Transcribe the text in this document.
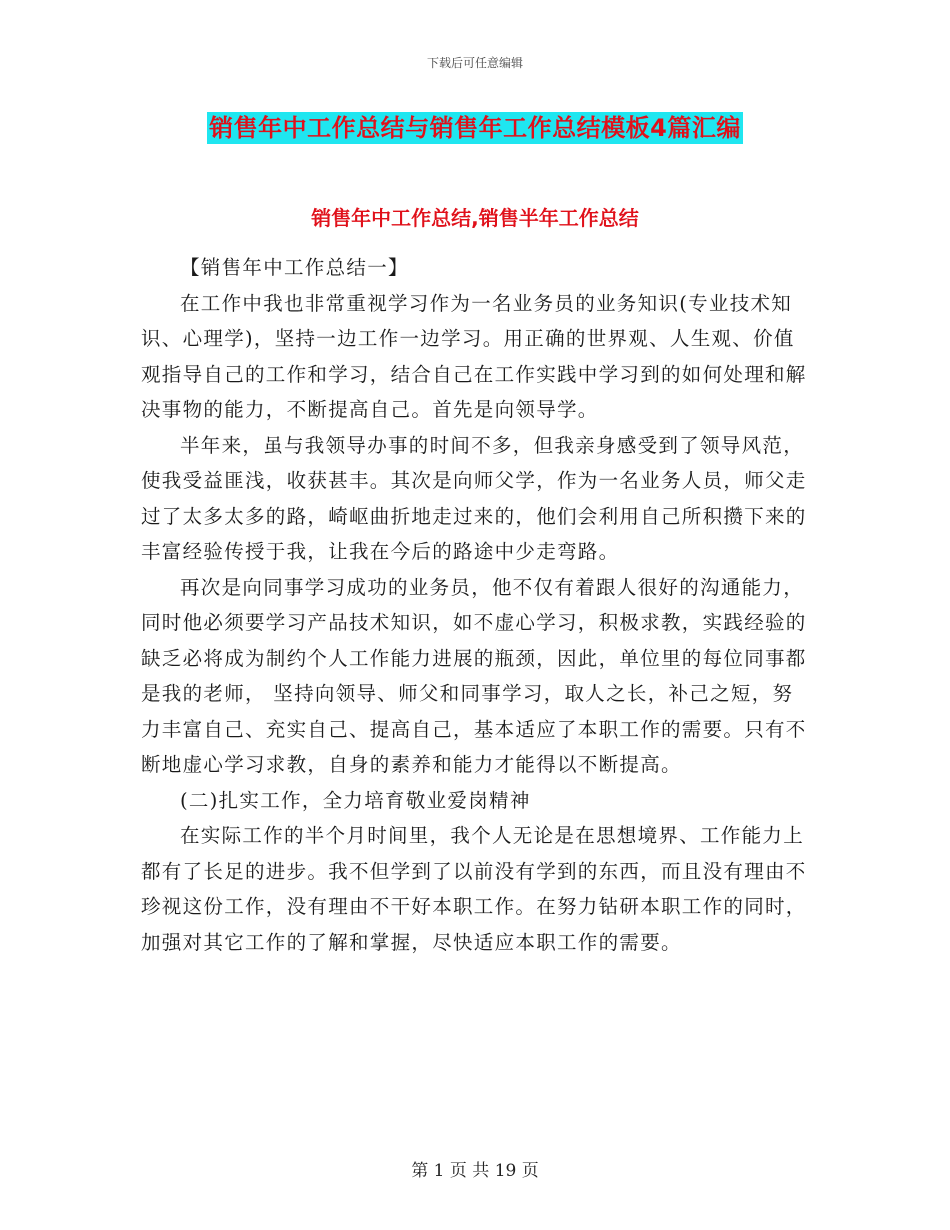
下载后可任意编辑
销售年中工作总结与销售年工作总结模板4篇汇编
销售年中工作总结,销售半年工作总结

【销售年中工作总结一】

在工作中我也非常重视学习作为一名业务员的业务知识(专业技术知识、心理学)，坚持一边工作一边学习。用正确的世界观、人生观、价值观指导自己的工作和学习，结合自己在工作实践中学习到的如何处理和解决事物的能力，不断提高自己。首先是向领导学。

半年来，虽与我领导办事的时间不多，但我亲身感受到了领导风范，使我受益匪浅，收获甚丰。其次是向师父学，作为一名业务人员，师父走过了太多太多的路，崎岖曲折地走过来的，他们会利用自己所积攒下来的丰富经验传授于我，让我在今后的路途中少走弯路。

再次是向同事学习成功的业务员，他不仅有着跟人很好的沟通能力，同时他必须要学习产品技术知识，如不虚心学习，积极求教，实践经验的缺乏必将成为制约个人工作能力进展的瓶颈，因此，单位里的每位同事都是我的老师， 坚持向领导、师父和同事学习，取人之长，补己之短，努力丰富自己、充实自己、提高自己，基本适应了本职工作的需要。只有不断地虚心学习求教，自身的素养和能力才能得以不断提高。

(二)扎实工作，全力培育敬业爱岗精神

在实际工作的半个月时间里，我个人无论是在思想境界、工作能力上都有了长足的进步。我不但学到了以前没有学到的东西，而且没有理由不珍视这份工作，没有理由不干好本职工作。在努力钻研本职工作的同时，加强对其它工作的了解和掌握，尽快适应本职工作的需要。

第 1 页 共 19 页
